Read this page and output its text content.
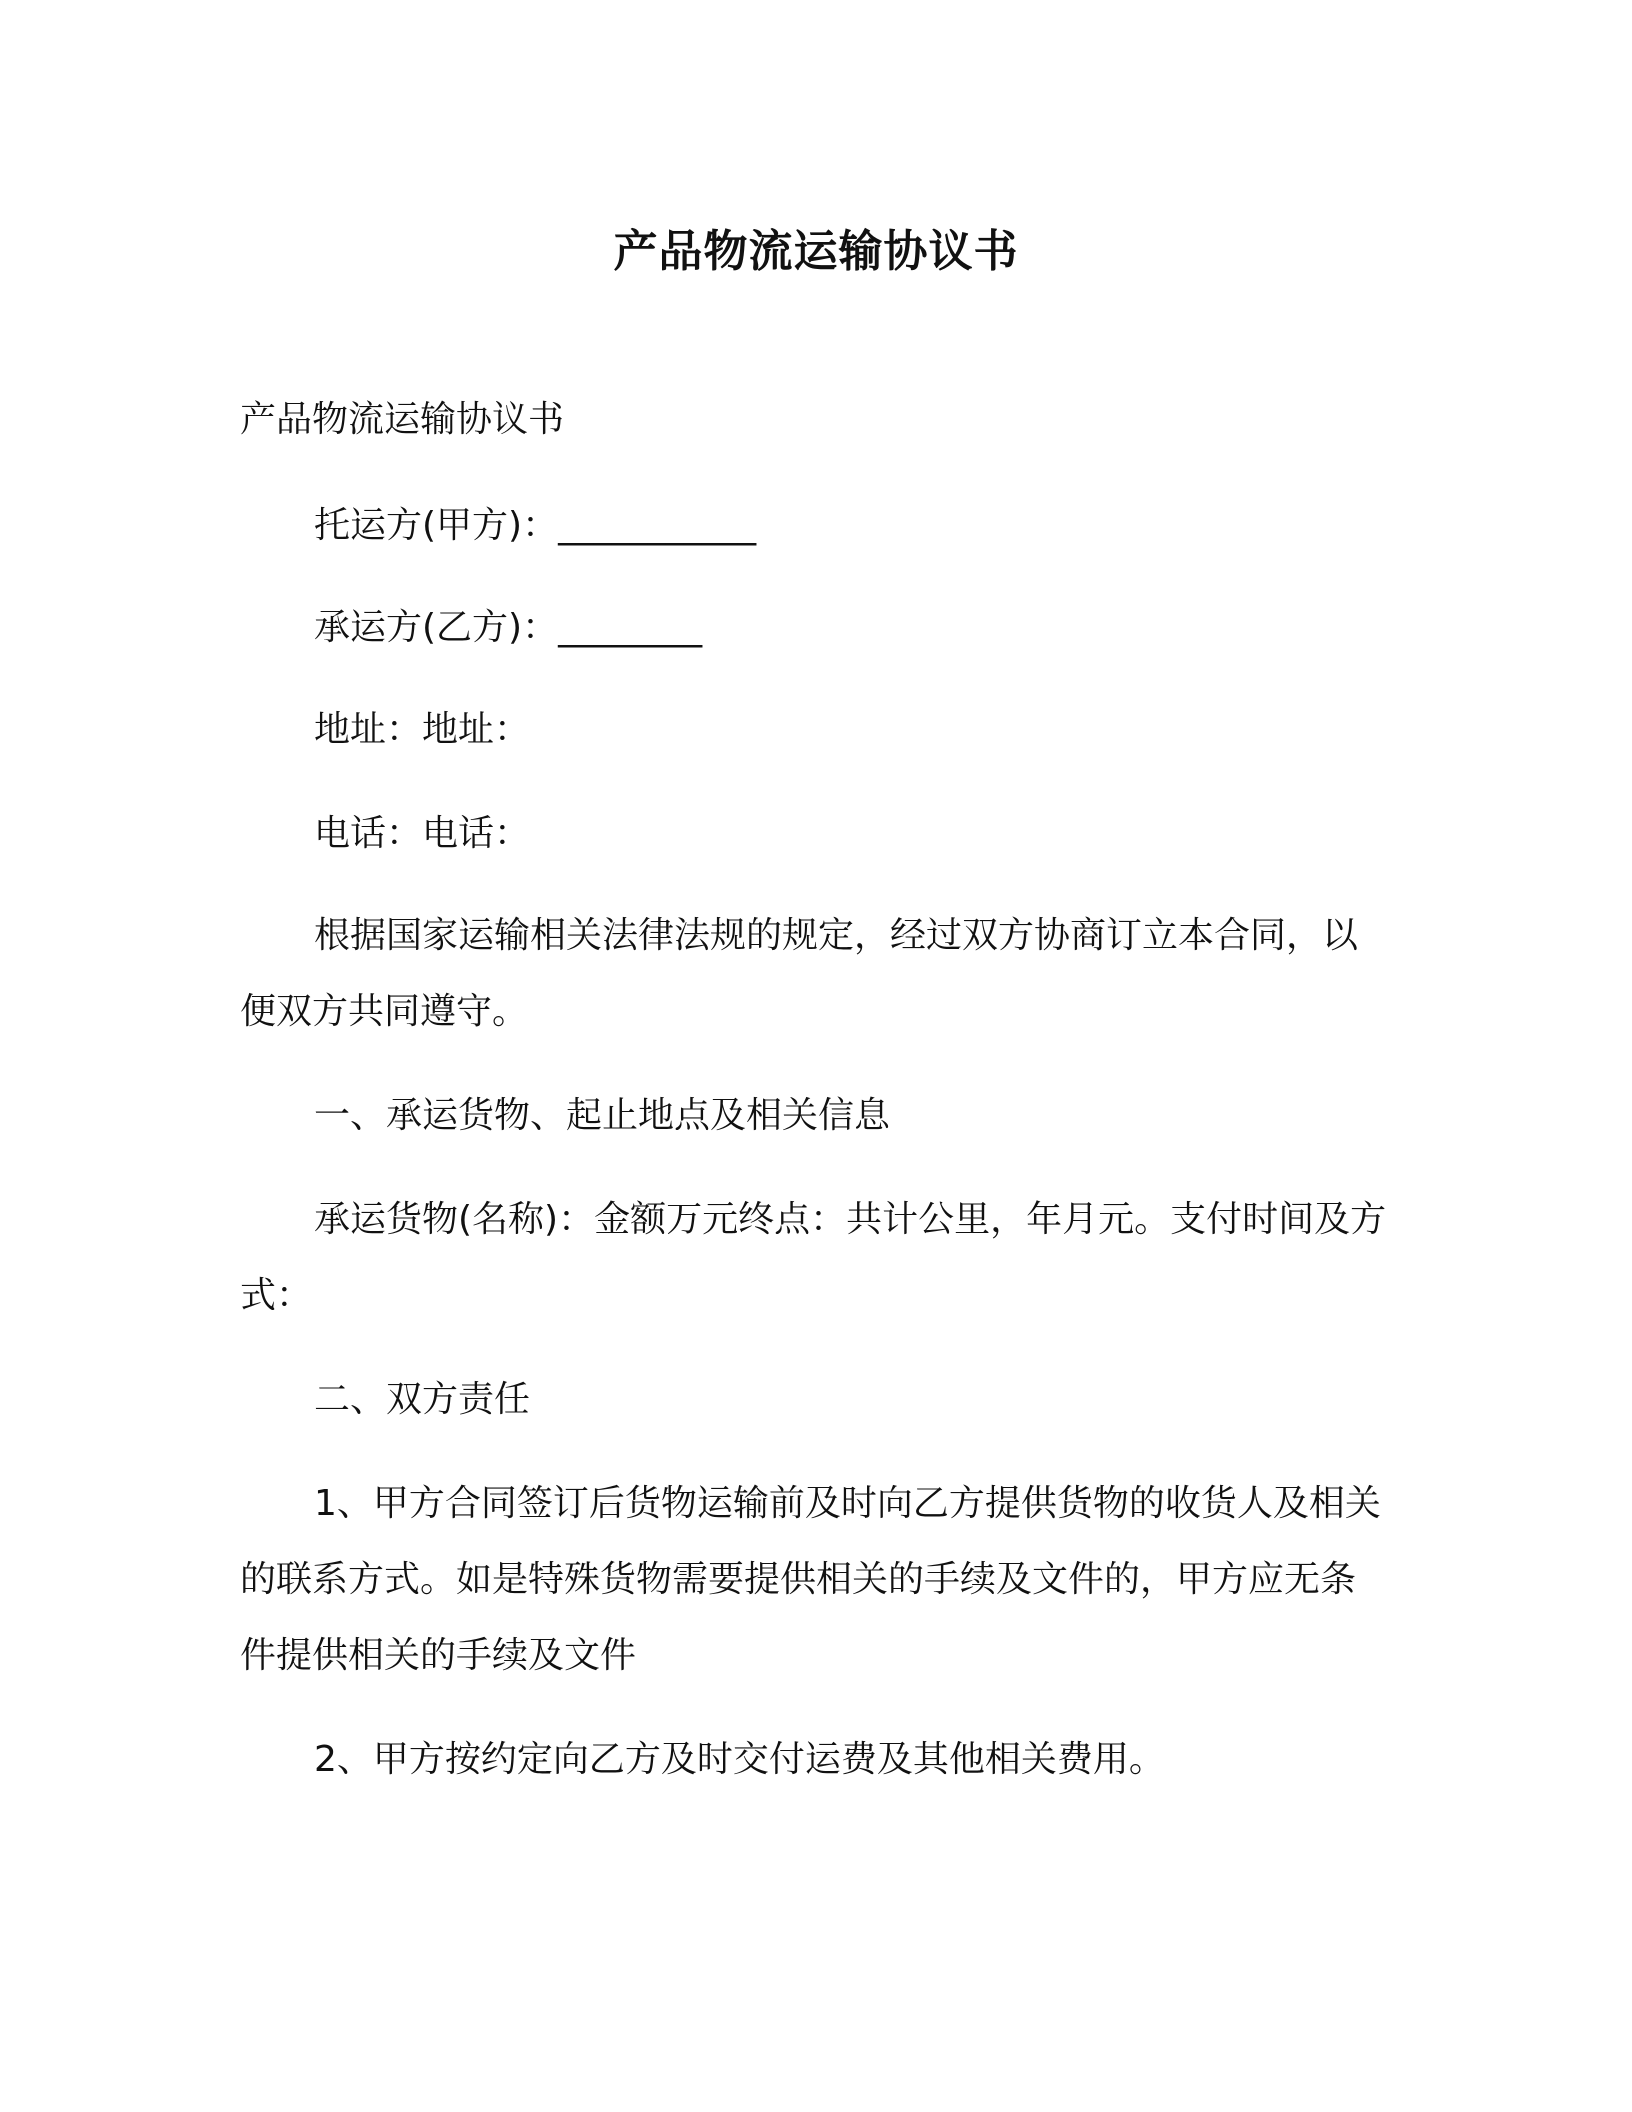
产品物流运输协议书

产品物流运输协议书

托运方(甲方)：___________

承运方(乙方)：________

地址：地址：

电话：电话：

根据国家运输相关法律法规的规定，经过双方协商订立本合同，以便双方共同遵守。

一、承运货物、起止地点及相关信息

承运货物(名称)：金额万元终点：共计公里，年月元。支付时间及方式：

二、双方责任

1、甲方合同签订后货物运输前及时向乙方提供货物的收货人及相关的联系方式。如是特殊货物需要提供相关的手续及文件的，甲方应无条件提供相关的手续及文件

2、甲方按约定向乙方及时交付运费及其他相关费用。
